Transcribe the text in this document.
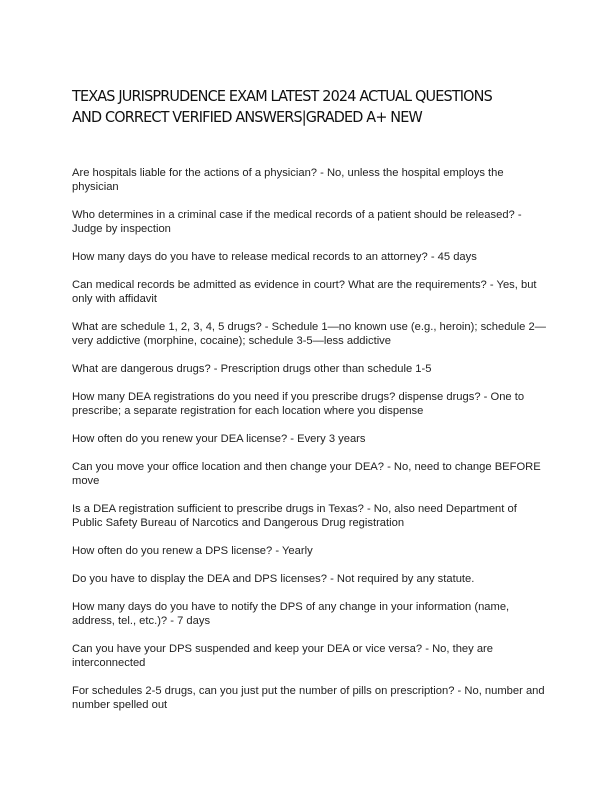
TEXAS JURISPRUDENCE EXAM LATEST 2024 ACTUAL QUESTIONS AND CORRECT VERIFIED ANSWERS|GRADED A+ NEW
Are hospitals liable for the actions of a physician? - No, unless the hospital employs the physician
Who determines in a criminal case if the medical records of a patient should be released? - Judge by inspection
How many days do you have to release medical records to an attorney? - 45 days
Can medical records be admitted as evidence in court? What are the requirements? - Yes, but only with affidavit
What are schedule 1, 2, 3, 4, 5 drugs? - Schedule 1—no known use (e.g., heroin); schedule 2—very addictive (morphine, cocaine); schedule 3-5—less addictive
What are dangerous drugs? - Prescription drugs other than schedule 1-5
How many DEA registrations do you need if you prescribe drugs? dispense drugs? - One to prescribe; a separate registration for each location where you dispense
How often do you renew your DEA license? - Every 3 years
Can you move your office location and then change your DEA? - No, need to change BEFORE move
Is a DEA registration sufficient to prescribe drugs in Texas? - No, also need Department of Public Safety Bureau of Narcotics and Dangerous Drug registration
How often do you renew a DPS license? - Yearly
Do you have to display the DEA and DPS licenses? - Not required by any statute.
How many days do you have to notify the DPS of any change in your information (name, address, tel., etc.)? - 7 days
Can you have your DPS suspended and keep your DEA or vice versa? - No, they are interconnected
For schedules 2-5 drugs, can you just put the number of pills on prescription? - No, number and number spelled out
